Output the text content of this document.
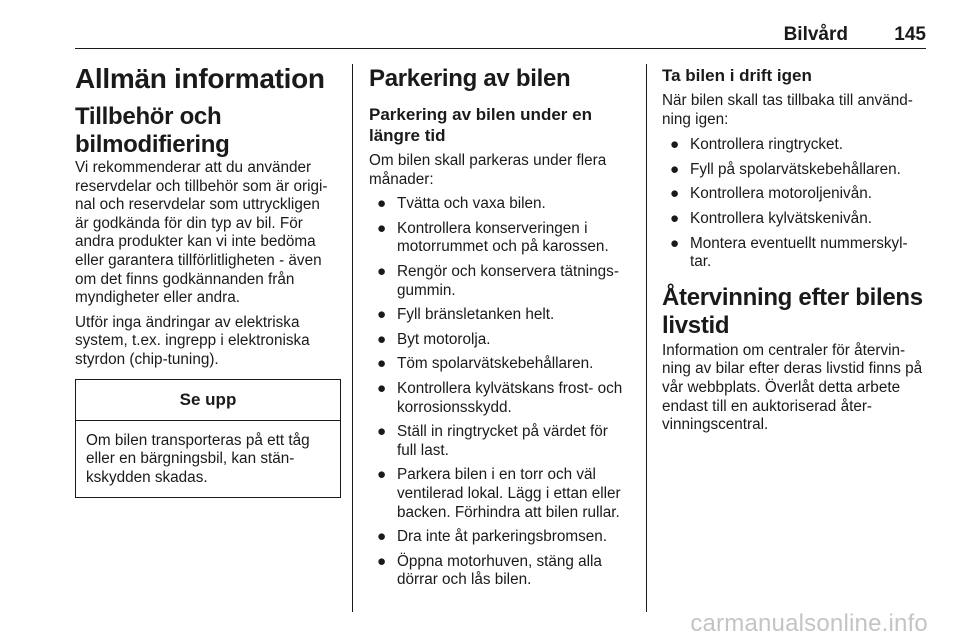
Bilvård 145
Allmän information
Tillbehör och bilmodifiering

Vi rekommenderar att du använder
reservdelar och tillbehör som är origi-
nal och reservdelar som uttryckligen
är godkända för din typ av bil. För
andra produkter kan vi inte bedöma
eller garantera tillförlitligheten - även
om det finns godkännanden från
myndigheter eller andra.

Utför inga ändringar av elektriska
system, t.ex. ingrepp i elektroniska
styrdon (chip-tuning).

Se upp

Om bilen transporteras på ett tåg
eller en bärgningsbil, kan stän-
kskydden skadas.

Parkering av bilen
Parkering av bilen under en
längre tid

Om bilen skall parkeras under flera
månader:

● Tvätta och vaxa bilen.
● Kontrollera konserveringen i
motorrummet och på karossen.
● Rengör och konservera tätnings-
gummin.
● Fyll bränsletanken helt.
● Byt motorolja.
● Töm spolarvätskebehållaren.
● Kontrollera kylvätskans frost- och
korrosionsskydd.
● Ställ in ringtrycket på värdet för
full last.
● Parkera bilen i en torr och väl
ventilerad lokal. Lägg i ettan eller
backen. Förhindra att bilen rullar.
● Dra inte åt parkeringsbromsen.
● Öppna motorhuven, stäng alla
dörrar och lås bilen.
Ta bilen i drift igen

När bilen skall tas tillbaka till använd-
ning igen:

● Kontrollera ringtrycket.
● Fyll på spolarvätskebehållaren.
● Kontrollera motoroljenivån.
● Kontrollera kylvätskenivån.
● Montera eventuellt nummerskyl-
tar.
Återvinning efter bilens
livstid

Information om centraler för återvin-
ning av bilar efter deras livstid finns på
vår webbplats. Överlåt detta arbete
endast till en auktoriserad åter-
vinningscentral.

carmanualsonline.info
